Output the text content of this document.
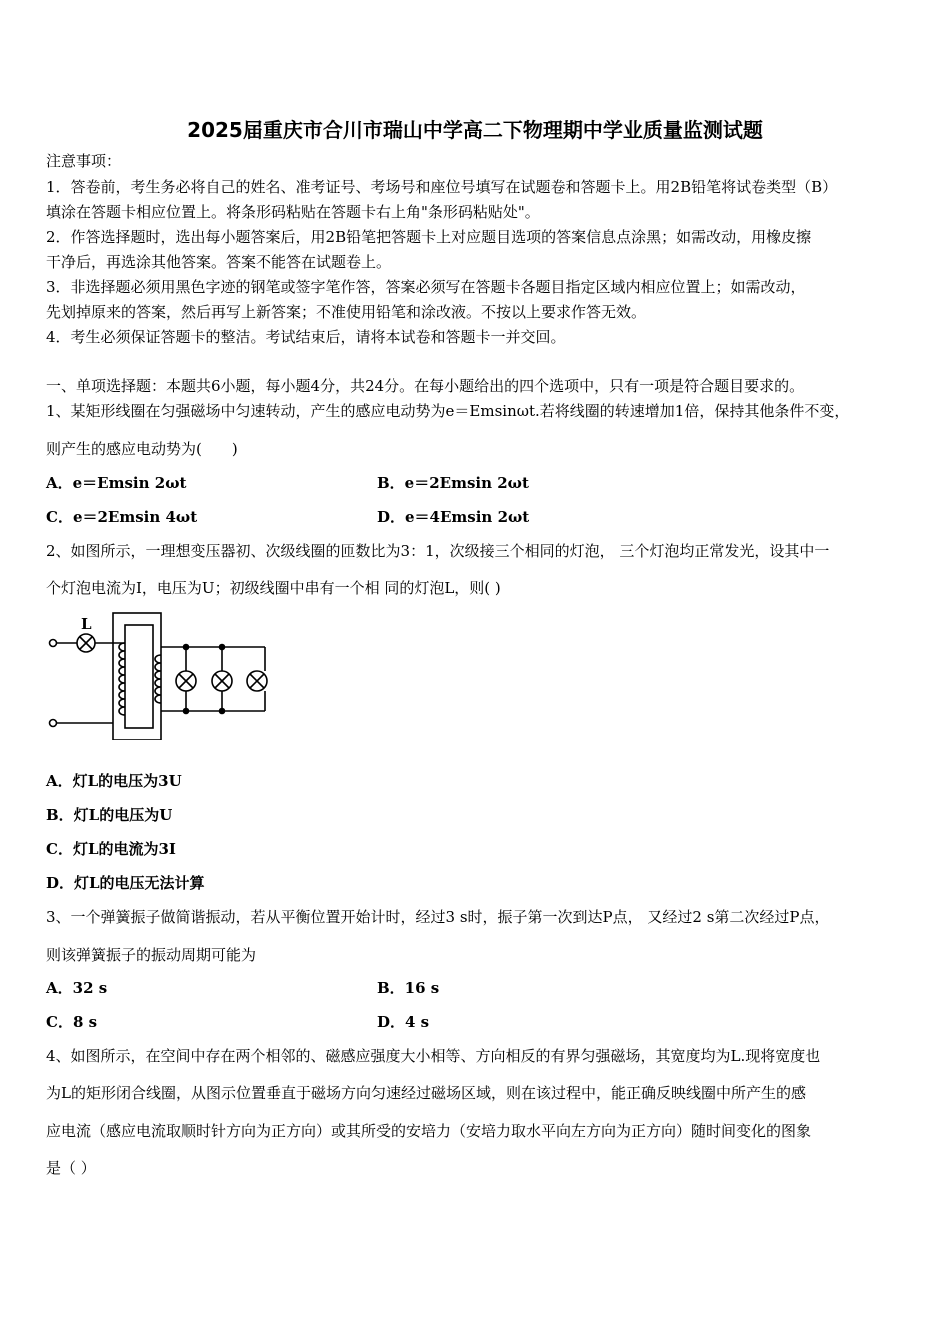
2025届重庆市合川市瑞山中学高二下物理期中学业质量监测试题
注意事项：
1．答卷前，考生务必将自己的姓名、准考证号、考场号和座位号填写在试题卷和答题卡上。用2B铅笔将试卷类型（B）
填涂在答题卡相应位置上。将条形码粘贴在答题卡右上角"条形码粘贴处"。
2．作答选择题时，选出每小题答案后，用2B铅笔把答题卡上对应题目选项的答案信息点涂黑；如需改动，用橡皮擦
干净后，再选涂其他答案。答案不能答在试题卷上。
3．非选择题必须用黑色字迹的钢笔或签字笔作答，答案必须写在答题卡各题目指定区域内相应位置上；如需改动，
先划掉原来的答案，然后再写上新答案；不准使用铅笔和涂改液。不按以上要求作答无效。
4．考生必须保证答题卡的整洁。考试结束后，请将本试卷和答题卡一并交回。
一、单项选择题：本题共6小题，每小题4分，共24分。在每小题给出的四个选项中，只有一项是符合题目要求的。
1、某矩形线圈在匀强磁场中匀速转动，产生的感应电动势为e＝Emsinωt.若将线圈的转速增加1倍，保持其他条件不变，
则产生的感应电动势为(　　)
A．e＝Emsin 2ωt	B．e＝2Emsin 2ωt
C．e＝2Emsin 4ωt	D．e＝4Emsin 2ωt
2、如图所示，一理想变压器初、次级线圈的匝数比为3：1，次级接三个相同的灯泡， 三个灯泡均正常发光，设其中一
个灯泡电流为I，电压为U；初级线圈中串有一个相 同的灯泡L，则( )
L
A．灯L的电压为3U
B．灯L的电压为U
C．灯L的电流为3I
D．灯L的电压无法计算
3、一个弹簧振子做简谐振动，若从平衡位置开始计时，经过3 s时，振子第一次到达P点， 又经过2 s第二次经过P点，
则该弹簧振子的振动周期可能为
A．32 s	B．16 s
C．8 s	D．4 s
4、如图所示，在空间中存在两个相邻的、磁感应强度大小相等、方向相反的有界匀强磁场，其宽度均为L.现将宽度也
为L的矩形闭合线圈，从图示位置垂直于磁场方向匀速经过磁场区域，则在该过程中，能正确反映线圈中所产生的感
应电流（感应电流取顺时针方向为正方向）或其所受的安培力（安培力取水平向左方向为正方向）随时间变化的图象
是（ ）
